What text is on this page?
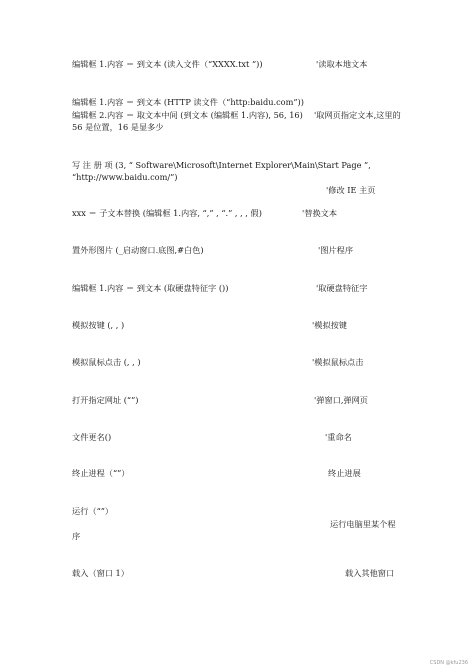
编辑框 1.内容 ＝ 到文本 (读入文件（“XXXX.txt ”))	'读取本地文本
编辑框 1.内容 ＝ 到文本 (HTTP 读文件（“http:baidu.com”))
编辑框 2.内容 ＝ 取文本中间 (到文本 (编辑框 1.内容), 56, 16) '取网页指定文本,这里的
56 是位置，16 是显多少
写 注 册 项 (3, “ Software\Microsoft\Internet Explorer\Main\Start Page ”,
“http://www.baidu.com/”)
'修改 IE 主页
xxx ＝ 子文本替换 (编辑框 1.内容, “,” , “.” , , , 假)	'替换文本
置外形图片 (_启动窗口.底图,#白色)	'图片程序
编辑框 1.内容 ＝ 到文本 (取硬盘特征字 ())	'取硬盘特征字
模拟按键 (, , )	'模拟按键
模拟鼠标点击 (, , )	'模拟鼠标点击
打开指定网址 (“”)	'弹窗口,弹网页
文件更名()	'重命名
终止进程（“”）	终止进展
运行（“”）
运行电脑里某个程
序
载入（窗口 1）	载入其他窗口
CSDN @kfu236
